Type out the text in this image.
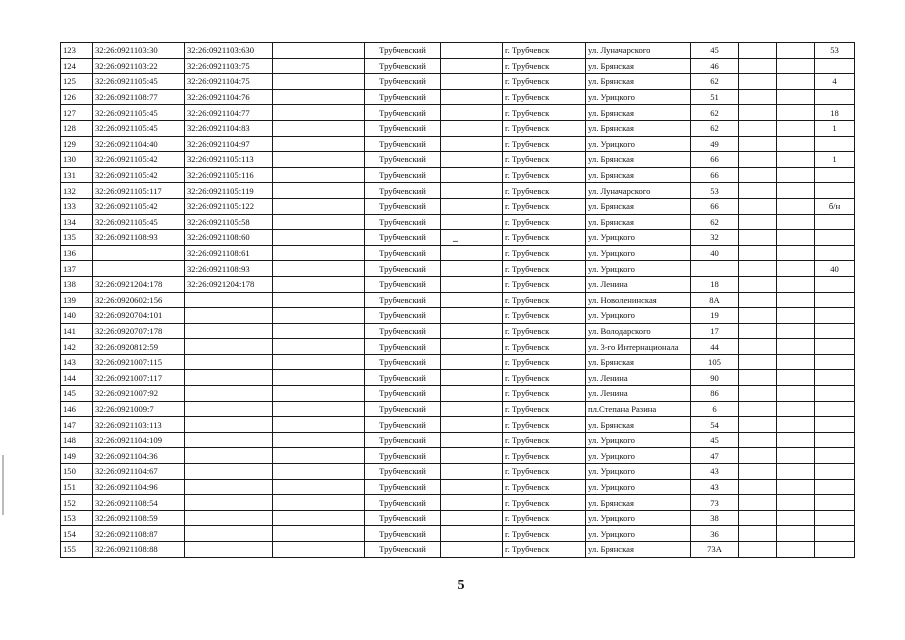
123	32:26:0921103:30	32:26:0921103:630		Трубчевский		г. Трубчевск	ул. Луначарского	45			53
124	32:26:0921103:22	32:26:0921103:75		Трубчевский		г. Трубчевск	ул. Брянская	46			
125	32:26:0921105:45	32:26:0921104:75		Трубчевский		г. Трубчевск	ул. Брянская	62			4
126	32:26:0921108:77	32:26:0921104:76		Трубчевский		г. Трубчевск	ул. Урицкого	51			
127	32:26:0921105:45	32:26:0921104:77		Трубчевский		г. Трубчевск	ул. Брянская	62			18
128	32:26:0921105:45	32:26:0921104:83		Трубчевский		г. Трубчевск	ул. Брянская	62			1
129	32:26:0921104:40	32:26:0921104:97		Трубчевский		г. Трубчевск	ул. Урицкого	49			
130	32:26:0921105:42	32:26:0921105:113		Трубчевский		г. Трубчевск	ул. Брянская	66			1
131	32:26:0921105:42	32:26:0921105:116		Трубчевский		г. Трубчевск	ул. Брянская	66			
132	32:26:0921105:117	32:26:0921105:119		Трубчевский		г. Трубчевск	ул. Луначарского	53			
133	32:26:0921105:42	32:26:0921105:122		Трубчевский		г. Трубчевск	ул. Брянская	66			б/н
134	32:26:0921105:45	32:26:0921105:58		Трубчевский		г. Трубчевск	ул. Брянская	62			
135	32:26:0921108:93	32:26:0921108:60		Трубчевский		г. Трубчевск	ул. Урицкого	32			
136		32:26:0921108:61		Трубчевский		г. Трубчевск	ул. Урицкого	40			
137		32:26:0921108:93		Трубчевский		г. Трубчевск	ул. Урицкого				40
138	32:26:0921204:178	32:26:0921204:178		Трубчевский		г. Трубчевск	ул. Ленина	18			
139	32:26:0920602:156			Трубчевский		г. Трубчевск	ул. Новоленинская	8А			
140	32:26:0920704:101			Трубчевский		г. Трубчевск	ул. Урицкого	19			
141	32:26:0920707:178			Трубчевский		г. Трубчевск	ул. Володарского	17			
142	32:26:0920812:59			Трубчевский		г. Трубчевск	ул. 3-го Интернационала	44			
143	32:26:0921007:115			Трубчевский		г. Трубчевск	ул. Брянская	105			
144	32:26:0921007:117			Трубчевский		г. Трубчевск	ул. Ленина	90			
145	32:26:0921007:92			Трубчевский		г. Трубчевск	ул. Ленина	86			
146	32:26:0921009:7			Трубчевский		г. Трубчевск	пл.Степана Разина	6			
147	32:26:0921103:113			Трубчевский		г. Трубчевск	ул. Брянская	54			
148	32:26:0921104:109			Трубчевский		г. Трубчевск	ул. Урицкого	45			
149	32:26:0921104:36			Трубчевский		г. Трубчевск	ул. Урицкого	47			
150	32:26:0921104:67			Трубчевский		г. Трубчевск	ул. Урицкого	43			
151	32:26:0921104:96			Трубчевский		г. Трубчевск	ул. Урицкого	43			
152	32:26:0921108:54			Трубчевский		г. Трубчевск	ул. Брянская	73			
153	32:26:0921108:59			Трубчевский		г. Трубчевск	ул. Урицкого	38			
154	32:26:0921108:87			Трубчевский		г. Трубчевск	ул. Урицкого	36			
155	32:26:0921108:88			Трубчевский		г. Трубчевск	ул. Брянская	73А			
_
5
